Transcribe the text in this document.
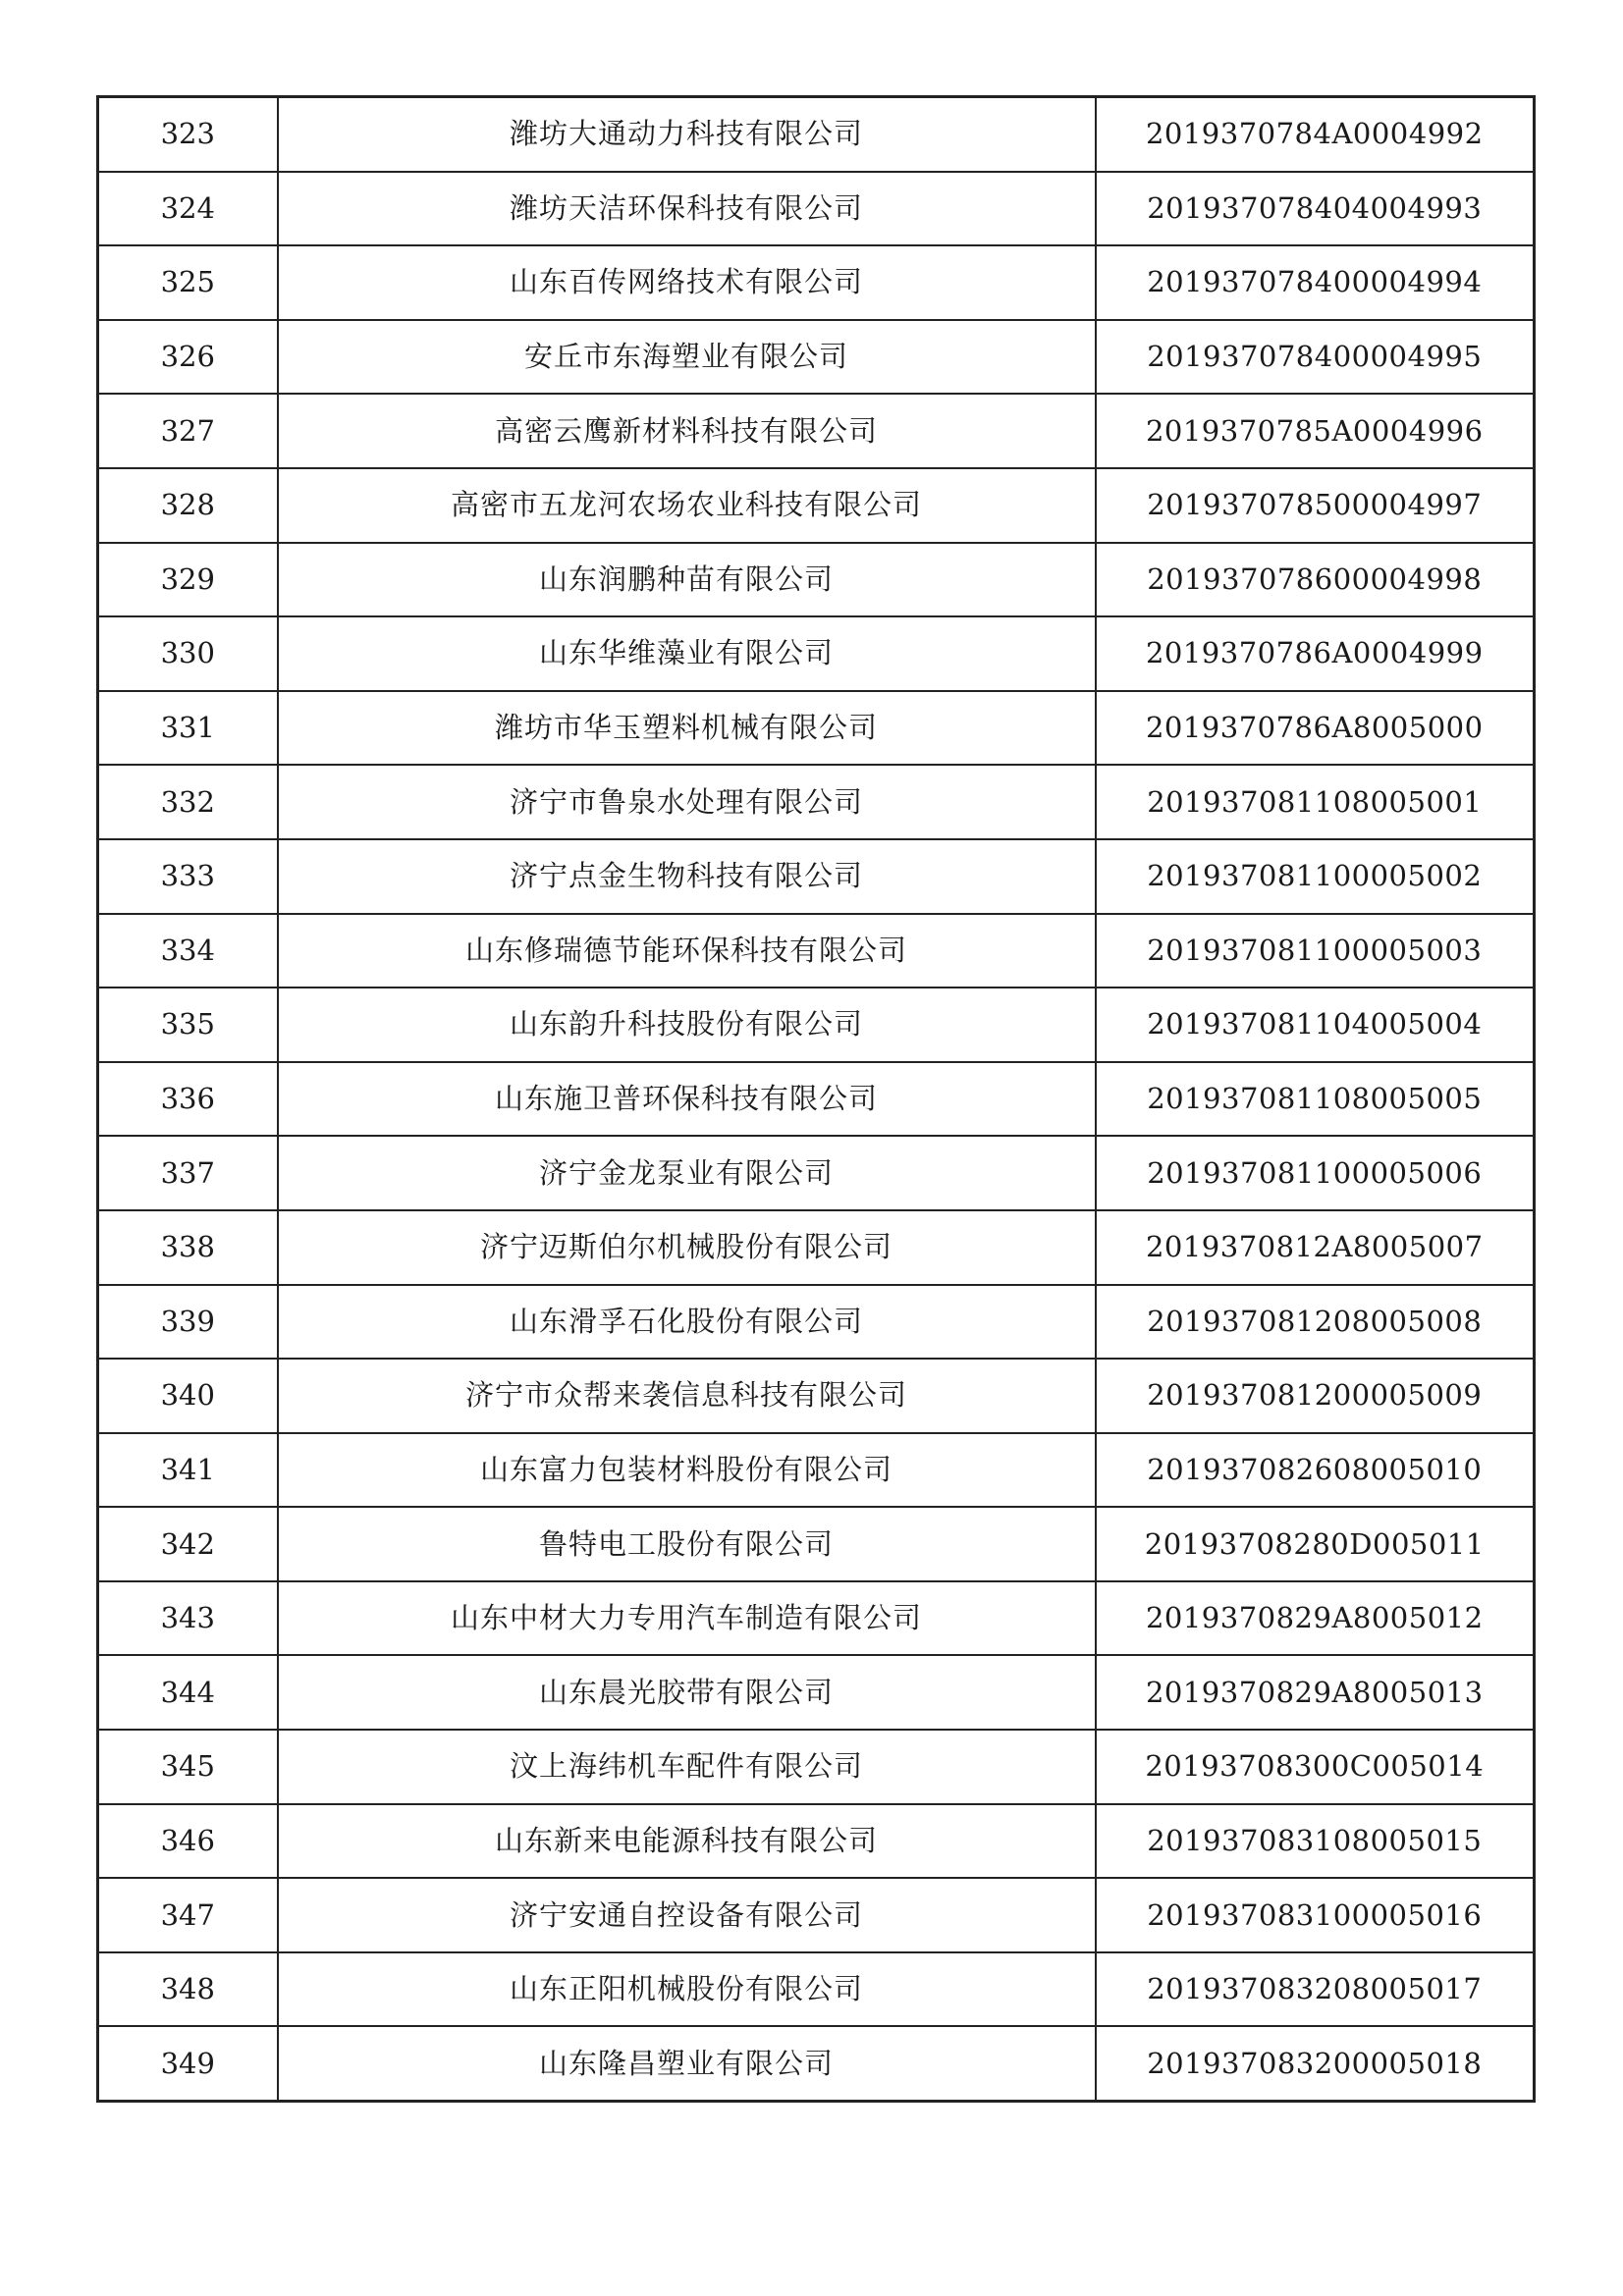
323	潍坊大通动力科技有限公司	2019370784A0004992
324	潍坊天洁环保科技有限公司	201937078404004993
325	山东百传网络技术有限公司	201937078400004994
326	安丘市东海塑业有限公司	201937078400004995
327	高密云鹰新材料科技有限公司	2019370785A0004996
328	高密市五龙河农场农业科技有限公司	201937078500004997
329	山东润鹏种苗有限公司	201937078600004998
330	山东华维藻业有限公司	2019370786A0004999
331	潍坊市华玉塑料机械有限公司	2019370786A8005000
332	济宁市鲁泉水处理有限公司	201937081108005001
333	济宁点金生物科技有限公司	201937081100005002
334	山东修瑞德节能环保科技有限公司	201937081100005003
335	山东韵升科技股份有限公司	201937081104005004
336	山东施卫普环保科技有限公司	201937081108005005
337	济宁金龙泵业有限公司	201937081100005006
338	济宁迈斯伯尔机械股份有限公司	2019370812A8005007
339	山东滑孚石化股份有限公司	201937081208005008
340	济宁市众帮来袭信息科技有限公司	201937081200005009
341	山东富力包装材料股份有限公司	201937082608005010
342	鲁特电工股份有限公司	20193708280D005011
343	山东中材大力专用汽车制造有限公司	2019370829A8005012
344	山东晨光胶带有限公司	2019370829A8005013
345	汶上海纬机车配件有限公司	20193708300C005014
346	山东新来电能源科技有限公司	201937083108005015
347	济宁安通自控设备有限公司	201937083100005016
348	山东正阳机械股份有限公司	201937083208005017
349	山东隆昌塑业有限公司	201937083200005018
